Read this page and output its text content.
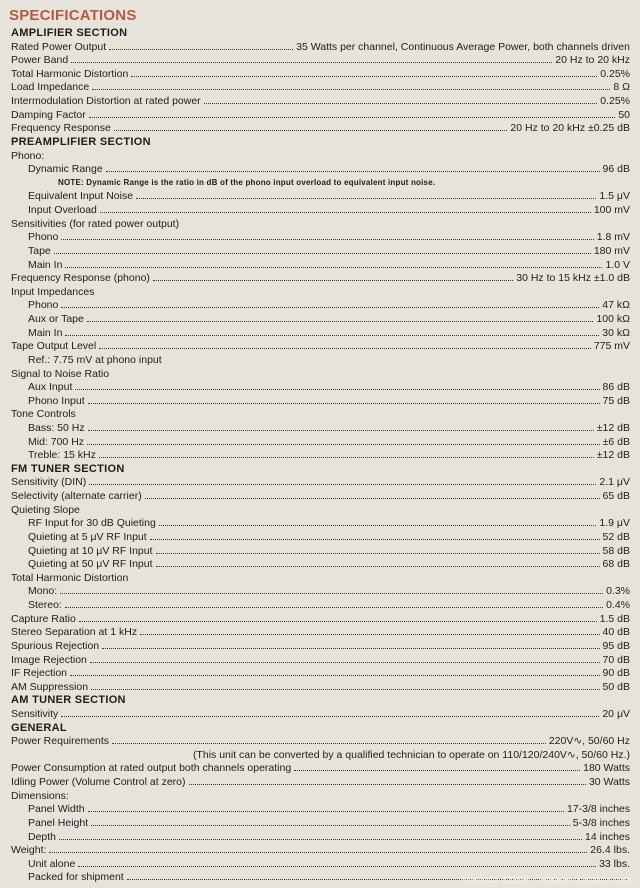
SPECIFICATIONS
AMPLIFIER SECTION
Rated Power Output	35 Watts per channel, Continuous Average Power, both channels driven
Power Band	20 Hz to 20 kHz
Total Harmonic Distortion	0.25%
Load Impedance	8 Ω
Intermodulation Distortion at rated power	0.25%
Damping Factor	50
Frequency Response	20 Hz to 20 kHz ±0.25 dB
PREAMPLIFIER SECTION
Phono:
Dynamic Range	96 dB
NOTE: Dynamic Range is the ratio in dB of the phono input overload to equivalent input noise.
Equivalent Input Noise	1.5 μV
Input Overload	100 mV
Sensitivities (for rated power output)
Phono	1.8 mV
Tape	180 mV
Main In	1.0 V
Frequency Response (phono)	30 Hz to 15 kHz ±1.0 dB
Input Impedances
Phono	47 kΩ
Aux or Tape	100 kΩ
Main In	30 kΩ
Tape Output Level	775 mV
Ref.: 7.75 mV at phono input
Signal to Noise Ratio
Aux Input	86 dB
Phono Input	75 dB
Tone Controls
Bass: 50 Hz	±12 dB
Mid: 700 Hz	±6 dB
Treble: 15 kHz	±12 dB
FM TUNER SECTION
Sensitivity (DIN)	2.1 μV
Selectivity (alternate carrier)	65 dB
Quieting Slope
RF Input for 30 dB Quieting	1.9 μV
Quieting at 5 μV RF Input	52 dB
Quieting at 10 μV RF Input	58 dB
Quieting at 50 μV RF Input	68 dB
Total Harmonic Distortion
Mono:	0.3%
Stereo:	0.4%
Capture Ratio	1.5 dB
Stereo Separation at 1 kHz	40 dB
Spurious Rejection	95 dB
Image Rejection	70 dB
IF Rejection	90 dB
AM Suppression	50 dB
AM TUNER SECTION
Sensitivity	20 μV
GENERAL
Power Requirements	220V∿, 50/60 Hz
(This unit can be converted by a qualified technician to operate on 110/120/240V∿, 50/60 Hz.)
Power Consumption at rated output both channels operating	180 Watts
Idling Power (Volume Control at zero)	30 Watts
Dimensions:
Panel Width	17-3/8 inches
Panel Height	5-3/8 inches
Depth	14 inches
Weight:	26.4 lbs.
Unit alone	33 lbs.
Packed for shipment	Marantz 2235B - vintage-marantz.com
